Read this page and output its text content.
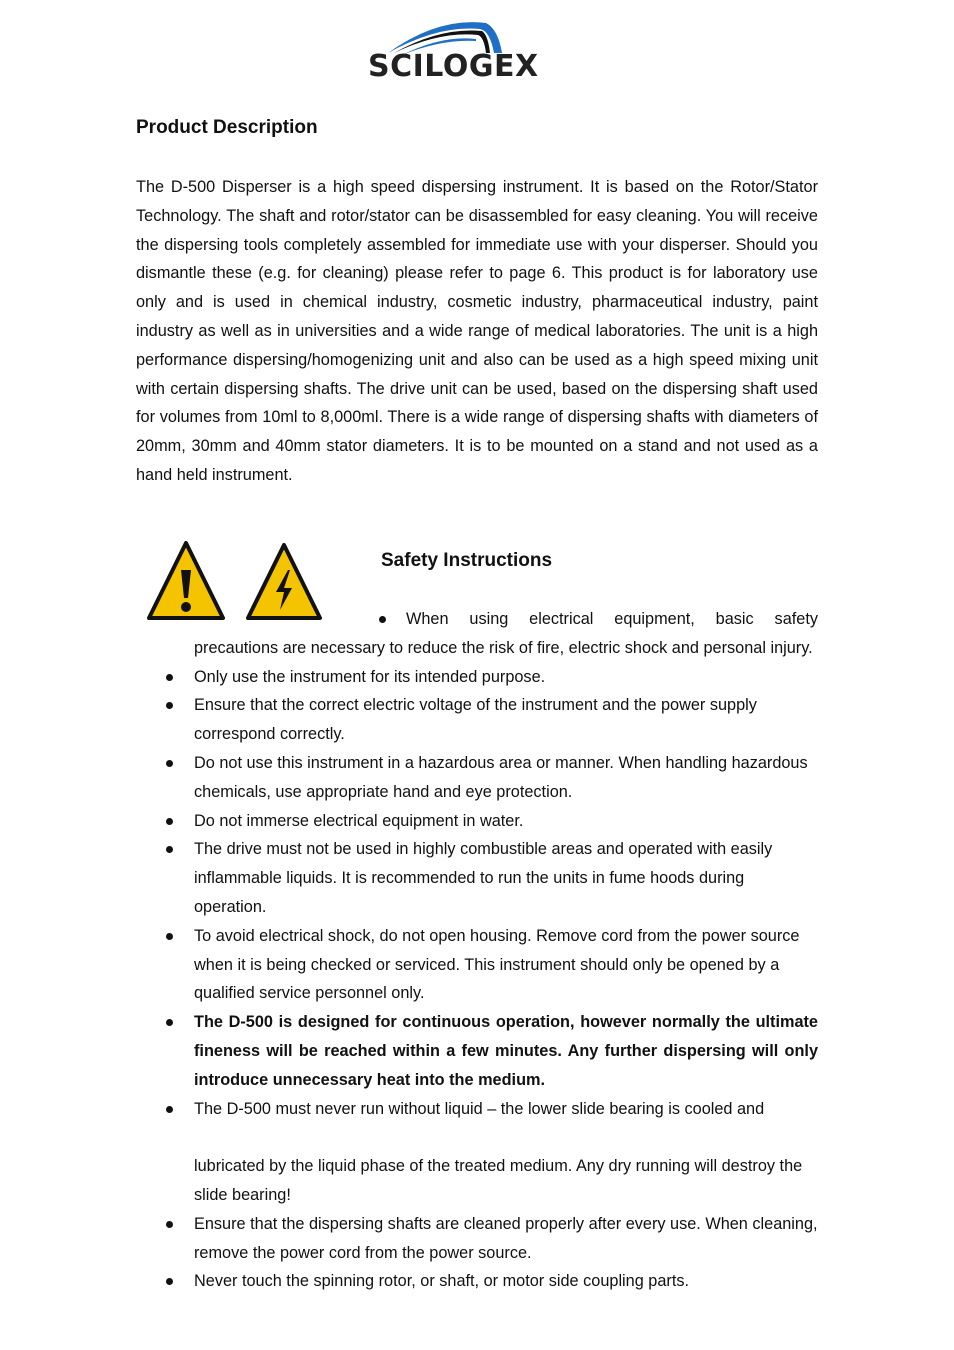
SCILOGEX
Product Description

The D-500 Disperser is a high speed dispersing instrument. It is based on the Rotor/Stator Technology. The shaft and rotor/stator can be disassembled for easy cleaning. You will receive the dispersing tools completely assembled for immediate use with your disperser. Should you dismantle these (e.g. for cleaning) please refer to page 6. This product is for laboratory use only and is used in chemical industry, cosmetic industry, pharmaceutical industry, paint industry as well as in universities and a wide range of medical laboratories. The unit is a high performance dispersing/homogenizing unit and also can be used as a high speed mixing unit with certain dispersing shafts. The drive unit can be used, based on the dispersing shaft used for volumes from 10ml to 8,000ml. There is a wide range of dispersing shafts with diameters of 20mm, 30mm and 40mm stator diameters. It is to be mounted on a stand and not used as a hand held instrument.

Safety Instructions
When using electrical equipment, basic safety precautions are necessary to reduce the risk of fire, electric shock and personal injury.
Only use the instrument for its intended purpose.
Ensure that the correct electric voltage of the instrument and the power supply correspond correctly.
Do not use this instrument in a hazardous area or manner. When handling hazardous chemicals, use appropriate hand and eye protection.
Do not immerse electrical equipment in water.
The drive must not be used in highly combustible areas and operated with easily inflammable liquids. It is recommended to run the units in fume hoods during operation.
To avoid electrical shock, do not open housing. Remove cord from the power source when it is being checked or serviced. This instrument should only be opened by a qualified service personnel only.
The D-500 is designed for continuous operation, however normally the ultimate fineness will be reached within a few minutes. Any further dispersing will only introduce unnecessary heat into the medium.
The D-500 must never run without liquid – the lower slide bearing is cooled and
lubricated by the liquid phase of the treated medium. Any dry running will destroy the slide bearing!
Ensure that the dispersing shafts are cleaned properly after every use. When cleaning, remove the power cord from the power source.
Never touch the spinning rotor, or shaft, or motor side coupling parts.
